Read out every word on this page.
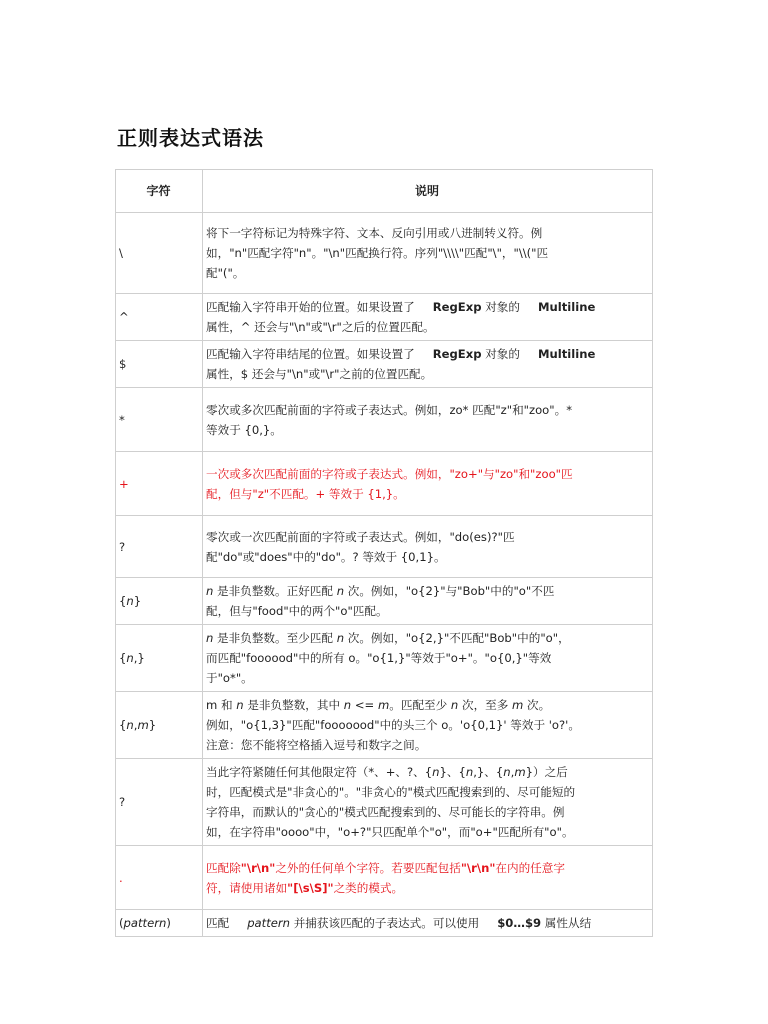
正则表达式语法
字符	说明
\	将下一字符标记为特殊字符、文本、反向引用或八进制转义符。例
如，"n"匹配字符"n"。"\n"匹配换行符。序列"\\\\"匹配"\"，"\\("匹
配"("。
^	匹配输入字符串开始的位置。如果设置了 RegExp 对象的 Multiline
属性，^ 还会与"\n"或"\r"之后的位置匹配。
$	匹配输入字符串结尾的位置。如果设置了 RegExp 对象的 Multiline
属性，$ 还会与"\n"或"\r"之前的位置匹配。
*	零次或多次匹配前面的字符或子表达式。例如，zo* 匹配"z"和"zoo"。*
等效于 {0,}。
+	一次或多次匹配前面的字符或子表达式。例如，"zo+"与"zo"和"zoo"匹
配，但与"z"不匹配。+ 等效于 {1,}。
?	零次或一次匹配前面的字符或子表达式。例如，"do(es)?"匹
配"do"或"does"中的"do"。? 等效于 {0,1}。
{n}	n 是非负整数。正好匹配 n 次。例如，"o{2}"与"Bob"中的"o"不匹
配，但与"food"中的两个"o"匹配。
{n,}	n 是非负整数。至少匹配 n 次。例如，"o{2,}"不匹配"Bob"中的"o"，
而匹配"foooood"中的所有 o。"o{1,}"等效于"o+"。"o{0,}"等效
于"o*"。
{n,m}	m 和 n 是非负整数，其中 n <= m。匹配至少 n 次，至多 m 次。
例如，"o{1,3}"匹配"fooooood"中的头三个 o。'o{0,1}' 等效于 'o?'。
注意：您不能将空格插入逗号和数字之间。
?	当此字符紧随任何其他限定符（*、+、?、{n}、{n,}、{n,m}）之后
时，匹配模式是"非贪心的"。"非贪心的"模式匹配搜索到的、尽可能短的
字符串，而默认的"贪心的"模式匹配搜索到的、尽可能长的字符串。例
如，在字符串"oooo"中，"o+?"只匹配单个"o"，而"o+"匹配所有"o"。
.	匹配除"\r\n"之外的任何单个字符。若要匹配包括"\r\n"在内的任意字
符，请使用诸如"[\s\S]"之类的模式。
(pattern)	匹配 pattern 并捕获该匹配的子表达式。可以使用 $0…$9 属性从结
